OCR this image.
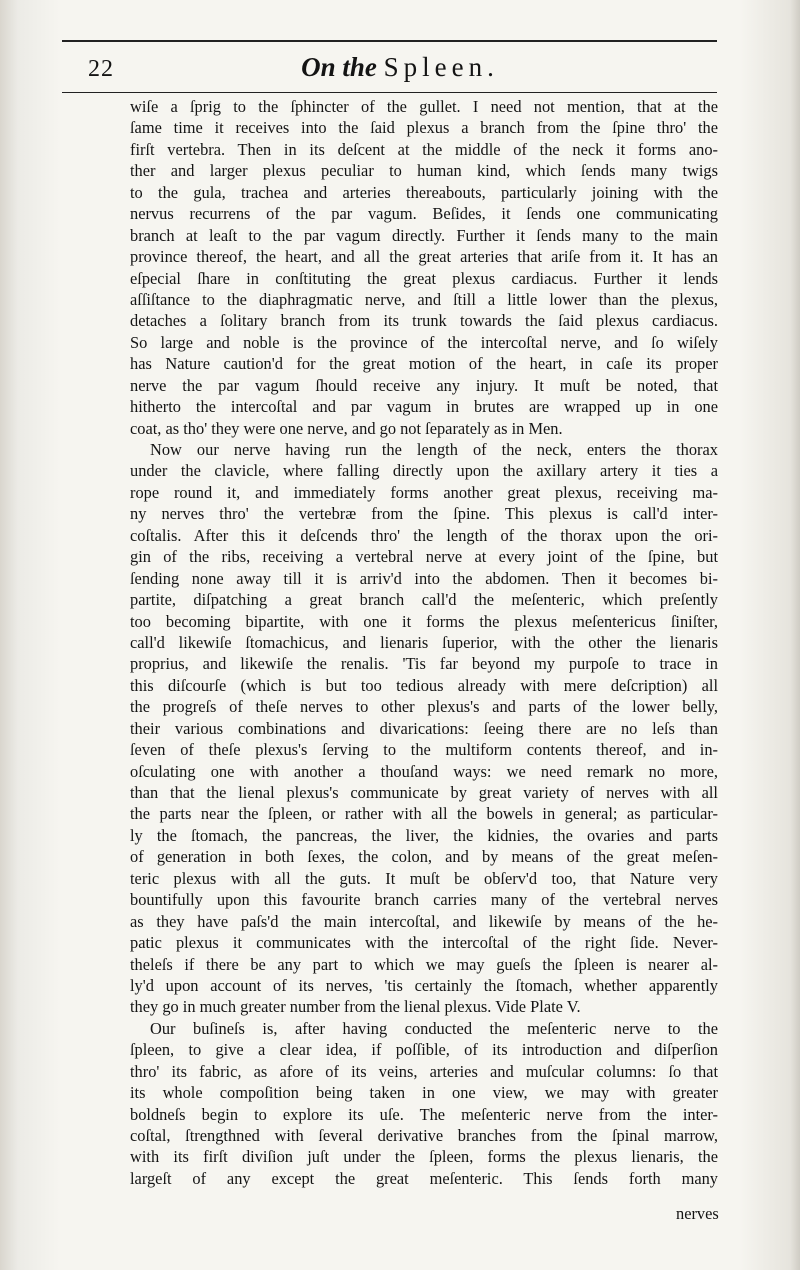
22	On the Spleen.
wiſe a ſprig to the ſphincter of the gullet. I need not mention, that at the
ſame time it receives into the ſaid plexus a branch from the ſpine thro' the
firſt vertebra. Then in its deſcent at the middle of the neck it forms ano-
ther and larger plexus peculiar to human kind, which ſends many twigs
to the gula, trachea and arteries thereabouts, particularly joining with the
nervus recurrens of the par vagum. Beſides, it ſends one communicating
branch at leaſt to the par vagum directly. Further it ſends many to the main
province thereof, the heart, and all the great arteries that ariſe from it. It has an
eſpecial ſhare in conſtituting the great plexus cardiacus. Further it lends
aſſiſtance to the diaphragmatic nerve, and ſtill a little lower than the plexus,
detaches a ſolitary branch from its trunk towards the ſaid plexus cardiacus.
So large and noble is the province of the intercoſtal nerve, and ſo wiſely
has Nature caution'd for the great motion of the heart, in caſe its proper
nerve the par vagum ſhould receive any injury. It muſt be noted, that
hitherto the intercoſtal and par vagum in brutes are wrapped up in one
coat, as tho' they were one nerve, and go not ſeparately as in Men.
Now our nerve having run the length of the neck, enters the thorax
under the clavicle, where falling directly upon the axillary artery it ties a
rope round it, and immediately forms another great plexus, receiving ma-
ny nerves thro' the vertebræ from the ſpine. This plexus is call'd inter-
coſtalis. After this it deſcends thro' the length of the thorax upon the ori-
gin of the ribs, receiving a vertebral nerve at every joint of the ſpine, but
ſending none away till it is arriv'd into the abdomen. Then it becomes bi-
partite, diſpatching a great branch call'd the meſenteric, which preſently
too becoming bipartite, with one it forms the plexus meſentericus ſiniſter,
call'd likewiſe ſtomachicus, and lienaris ſuperior, with the other the lienaris
proprius, and likewiſe the renalis. 'Tis far beyond my purpoſe to trace in
this diſcourſe (which is but too tedious already with mere deſcription) all
the progreſs of theſe nerves to other plexus's and parts of the lower belly,
their various combinations and divarications: ſeeing there are no leſs than
ſeven of theſe plexus's ſerving to the multiform contents thereof, and in-
oſculating one with another a thouſand ways: we need remark no more,
than that the lienal plexus's communicate by great variety of nerves with all
the parts near the ſpleen, or rather with all the bowels in general; as particular-
ly the ſtomach, the pancreas, the liver, the kidnies, the ovaries and parts
of generation in both ſexes, the colon, and by means of the great meſen-
teric plexus with all the guts. It muſt be obſerv'd too, that Nature very
bountifully upon this favourite branch carries many of the vertebral nerves
as they have paſs'd the main intercoſtal, and likewiſe by means of the he-
patic plexus it communicates with the intercoſtal of the right ſide. Never-
theleſs if there be any part to which we may gueſs the ſpleen is nearer al-
ly'd upon account of its nerves, 'tis certainly the ſtomach, whether apparently
they go in much greater number from the lienal plexus. Vide Plate V.
Our buſineſs is, after having conducted the meſenteric nerve to the
ſpleen, to give a clear idea, if poſſible, of its introduction and diſperſion
thro' its fabric, as afore of its veins, arteries and muſcular columns: ſo that
its whole compoſition being taken in one view, we may with greater
boldneſs begin to explore its uſe. The meſenteric nerve from the inter-
coſtal, ſtrengthned with ſeveral derivative branches from the ſpinal marrow,
with its firſt diviſion juſt under the ſpleen, forms the plexus lienaris, the
largeſt of any except the great meſenteric. This ſends forth many
nerves
